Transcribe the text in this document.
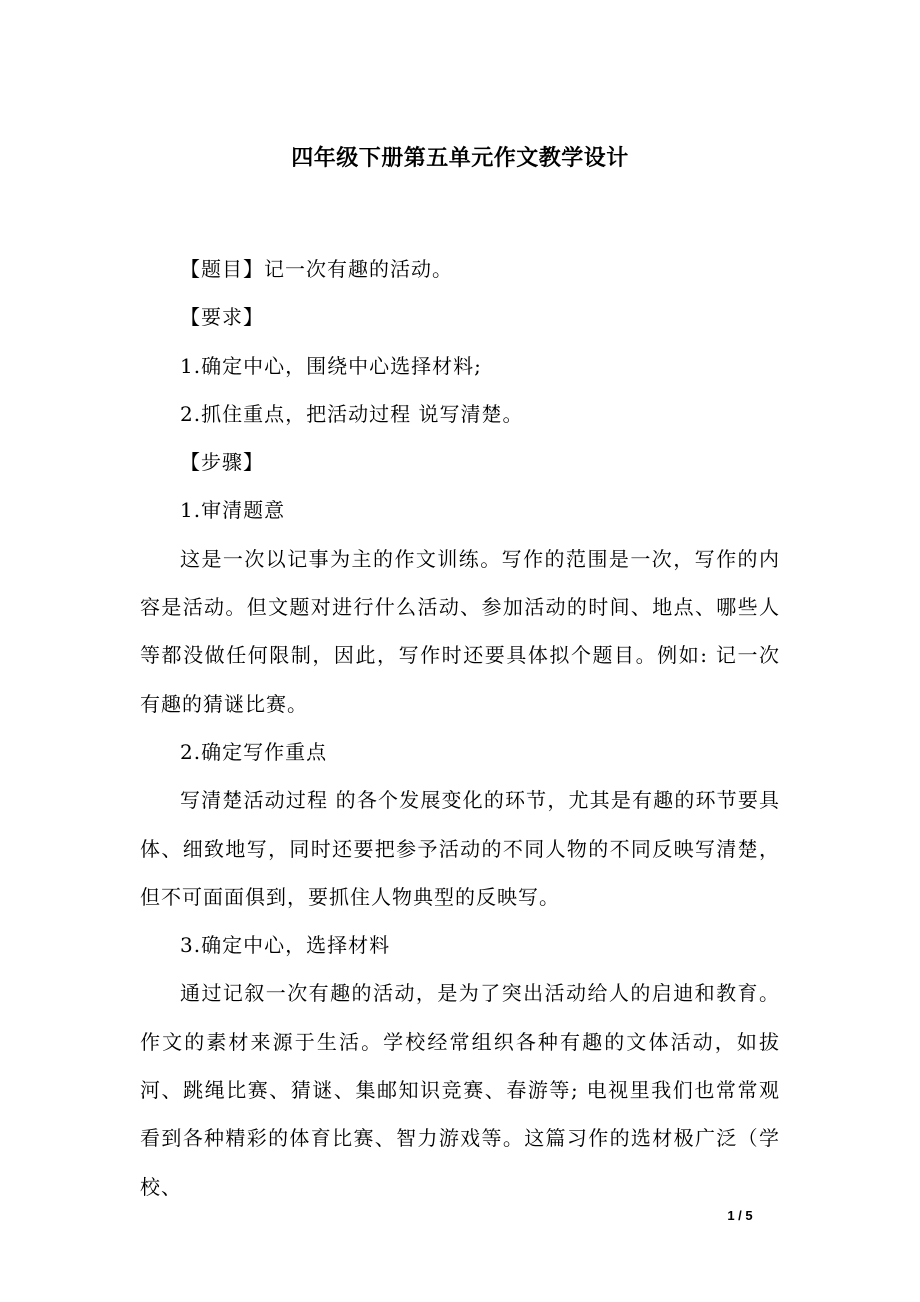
四年级下册第五单元作文教学设计

【题目】记一次有趣的活动。

【要求】

1.确定中心，围绕中心选择材料;

2.抓住重点，把活动过程 说写清楚。

【步骤】

1.审清题意

这是一次以记事为主的作文训练。写作的范围是一次，写作的内容是活动。但文题对进行什么活动、参加活动的时间、地点、哪些人等都没做任何限制，因此，写作时还要具体拟个题目。例如: 记一次有趣的猜谜比赛。

2.确定写作重点

写清楚活动过程 的各个发展变化的环节，尤其是有趣的环节要具体、细致地写，同时还要把参予活动的不同人物的不同反映写清楚，但不可面面俱到，要抓住人物典型的反映写。

3.确定中心，选择材料

通过记叙一次有趣的活动，是为了突出活动给人的启迪和教育。作文的素材来源于生活。学校经常组织各种有趣的文体活动，如拔河、跳绳比赛、猜谜、集邮知识竞赛、春游等; 电视里我们也常常观看到各种精彩的体育比赛、智力游戏等。这篇习作的选材极广泛（学校、

1 / 5
